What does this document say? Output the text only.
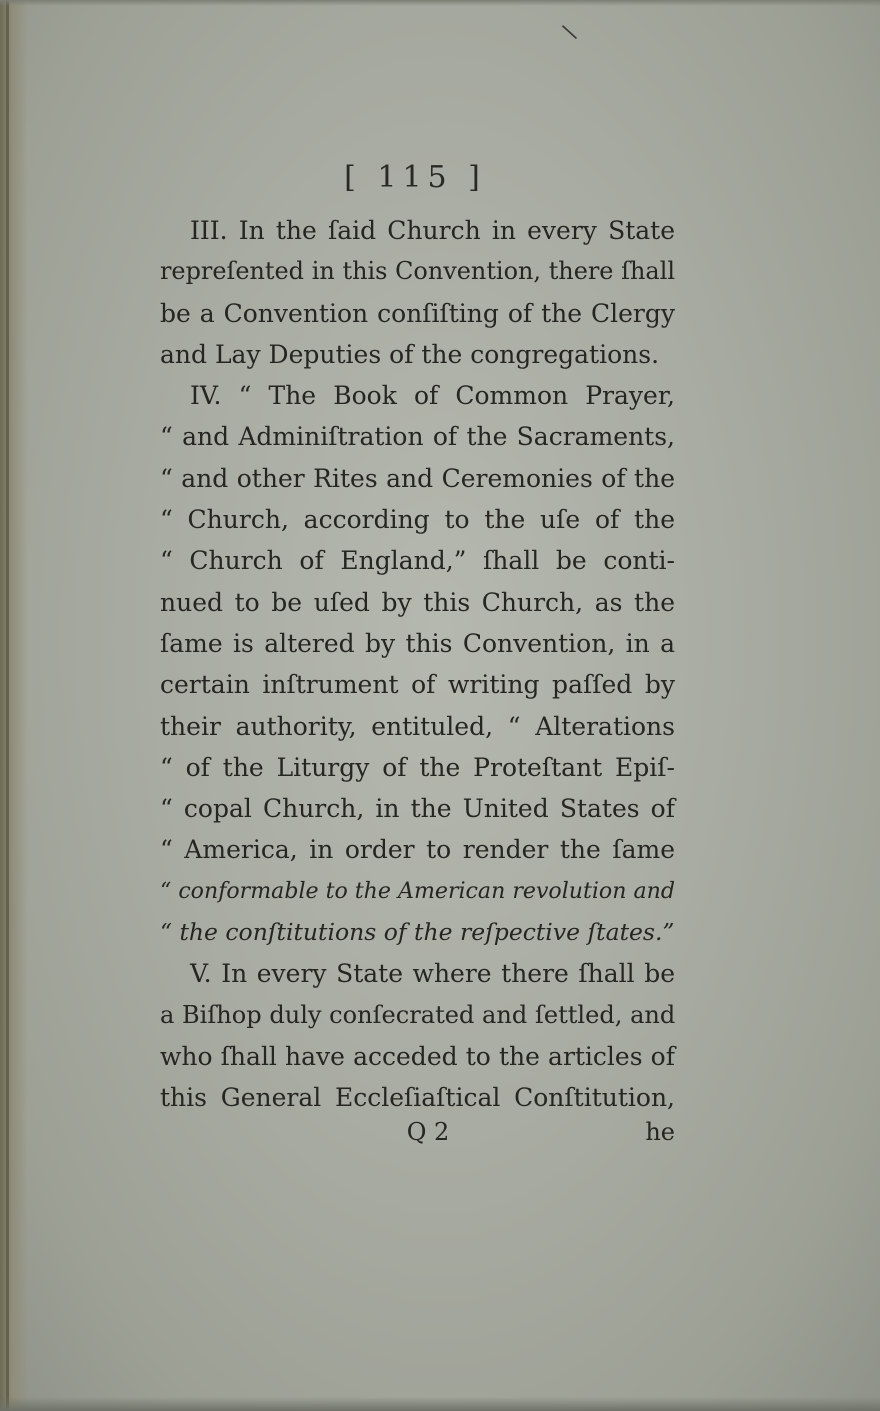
\
[ 115 ]
III. In the ſaid Church in every State
repreſented in this Convention, there ſhall
be a Convention conſiſting of the Clergy
and Lay Deputies of the congregations.
IV. “ The Book of Common Prayer,
“ and Adminiſtration of the Sacraments,
“ and other Rites and Ceremonies of the
“ Church, according to the uſe of the
“ Church of England,” ſhall be conti-
nued to be uſed by this Church, as the
ſame is altered by this Convention, in a
certain inſtrument of writing paſſed by
their authority, entituled, “ Alterations
“ of the Liturgy of the Proteſtant Epiſ-
“ copal Church, in the United States of
“ America, in order to render the ſame
“ conformable to the American revolution and
“ the conſtitutions of the reſpective ſtates.”
V. In every State where there ſhall be
a Biſhop duly conſecrated and ſettled, and
who ſhall have acceded to the articles of
this General Eccleſiaſtical Conſtitution,
Q 2	he
